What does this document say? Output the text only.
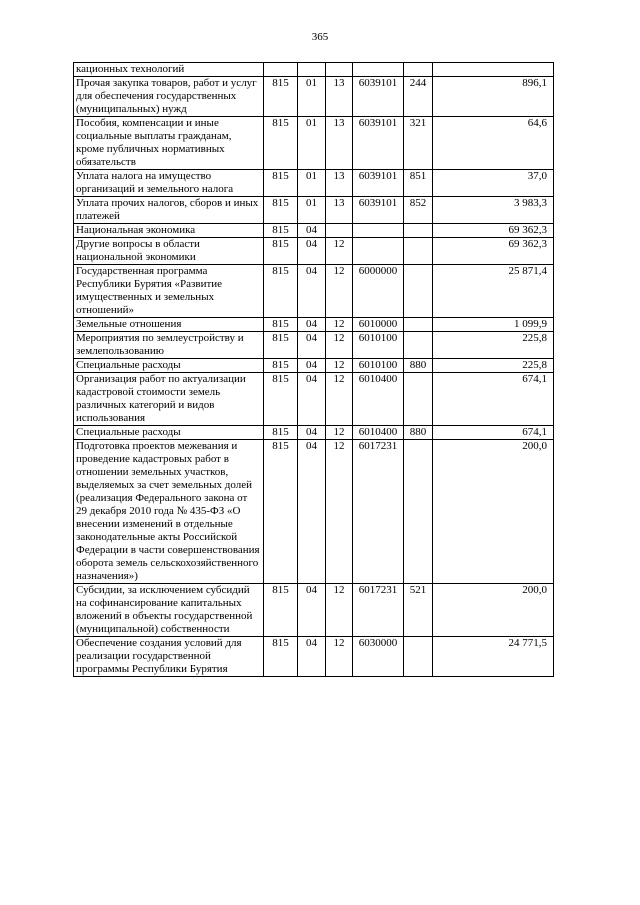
365
кационных технологий						
Прочая закупка товаров, работ и услуг для обеспечения государственных (муниципальных) нужд	815	01	13	6039101	244	896,1
Пособия, компенсации и иные социальные выплаты гражданам, кроме публичных нормативных обязательств	815	01	13	6039101	321	64,6
Уплата налога на имущество организаций и земельного налога	815	01	13	6039101	851	37,0
Уплата прочих налогов, сборов и иных платежей	815	01	13	6039101	852	3 983,3
Национальная экономика	815	04				69 362,3
Другие вопросы в области национальной экономики	815	04	12			69 362,3
Государственная программа Республики Бурятия «Развитие имущественных и земельных отношений»	815	04	12	6000000		25 871,4
Земельные отношения	815	04	12	6010000		1 099,9
Мероприятия по землеустройству и землепользованию	815	04	12	6010100		225,8
Специальные расходы	815	04	12	6010100	880	225,8
Организация работ по актуализации кадастровой стоимости земель различных категорий и видов использования	815	04	12	6010400		674,1
Специальные расходы	815	04	12	6010400	880	674,1
Подготовка проектов межевания и проведение кадастровых работ в отношении земельных участков, выделяемых за счет земельных долей (реализация Федерального закона от 29 декабря 2010 года № 435-ФЗ «О внесении изменений в отдельные законодательные акты Российской Федерации в части совершенствования оборота земель сельскохозяйственного назначения»)	815	04	12	6017231		200,0
Субсидии, за исключением субсидий на софинансирование капитальных вложений в объекты государственной (муниципальной) собственности	815	04	12	6017231	521	200,0
Обеспечение создания условий для реализации государственной программы Республики Бурятия	815	04	12	6030000		24 771,5
